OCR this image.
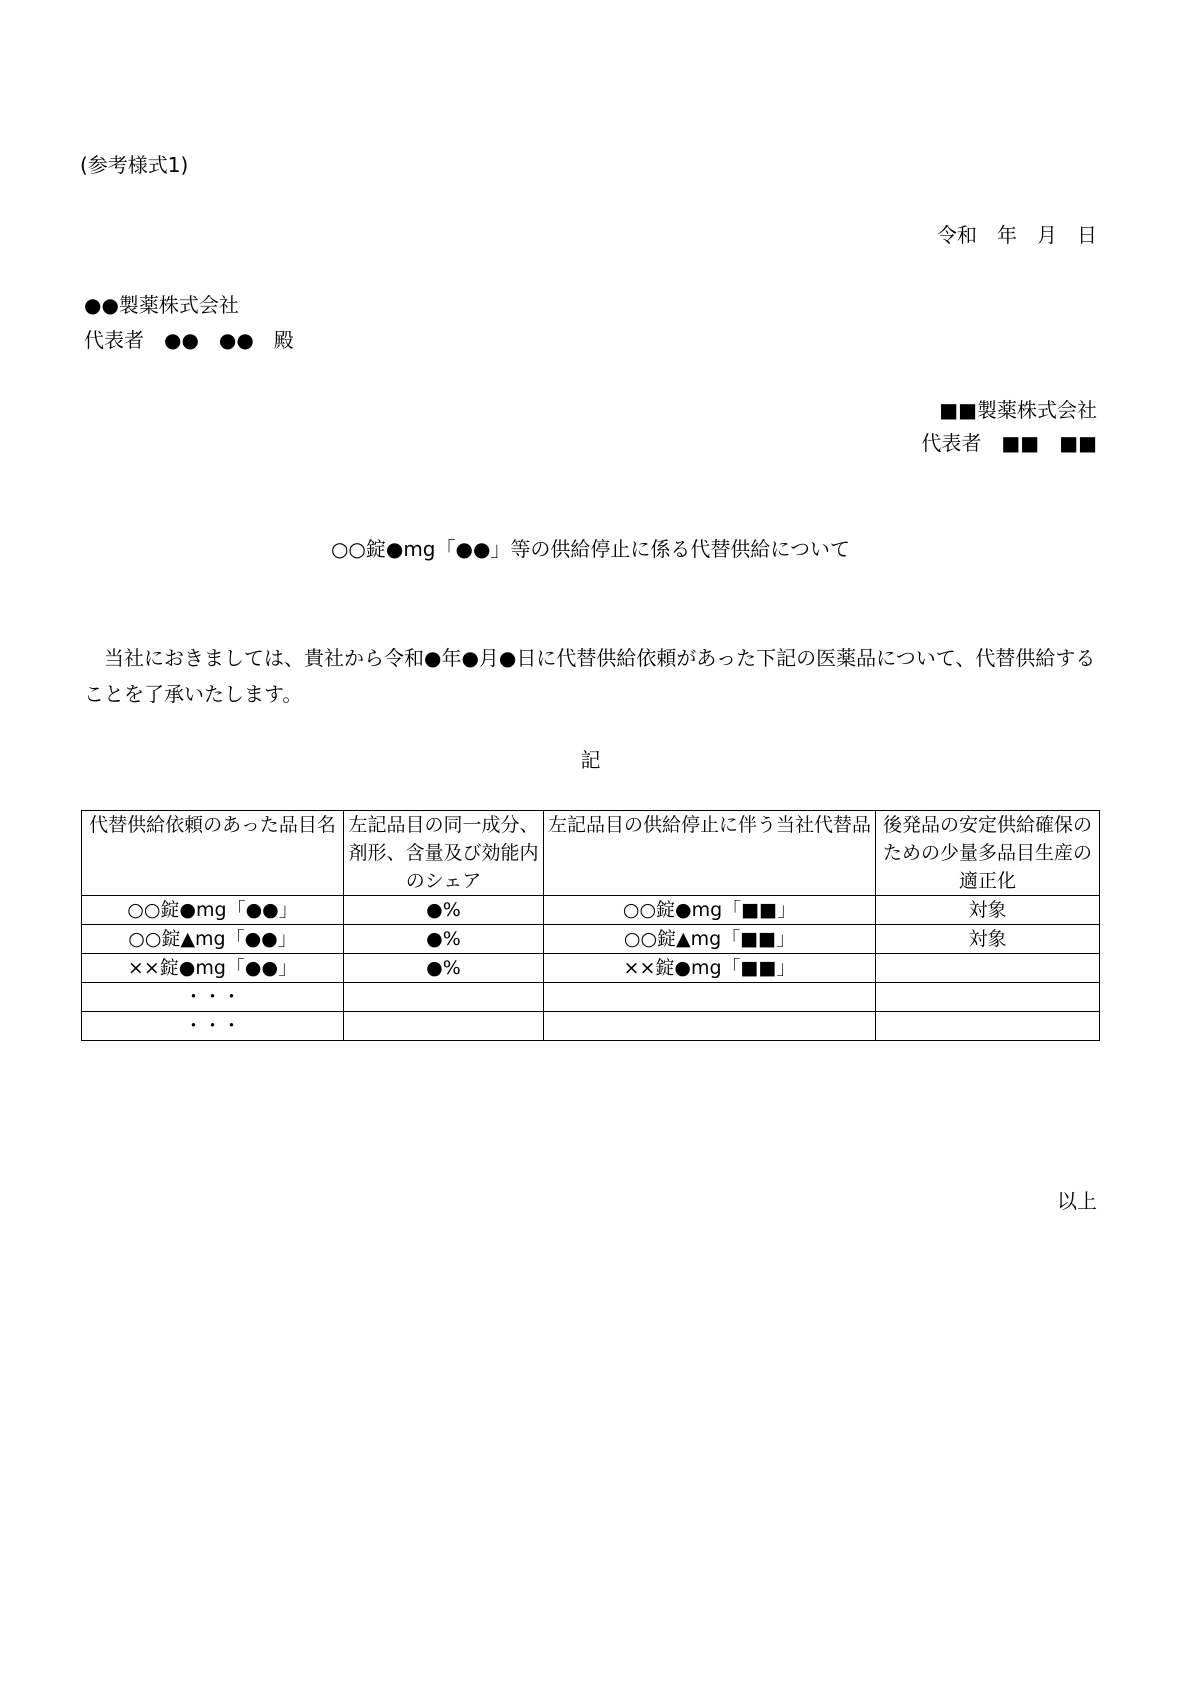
(参考様式1)
令和　年　月　日
●●製薬株式会社
代表者　●●　●●　殿
■■製薬株式会社
代表者　■■　■■
○○錠●mg「●●」等の供給停止に係る代替供給について
当社におきましては、貴社から令和●年●月●日に代替供給依頼があった下記の医薬品について、代替供給することを了承いたします。
記
代替供給依頼のあった品目名	左記品目の同一成分、剤形、含量及び効能内のシェア	左記品目の供給停止に伴う当社代替品	後発品の安定供給確保のための少量多品目生産の適正化
○○錠●mg「●●」	●%	○○錠●mg「■■」	対象
○○錠▲mg「●●」	●%	○○錠▲mg「■■」	対象
××錠●mg「●●」	●%	××錠●mg「■■」	
・・・			
・・・			
以上
